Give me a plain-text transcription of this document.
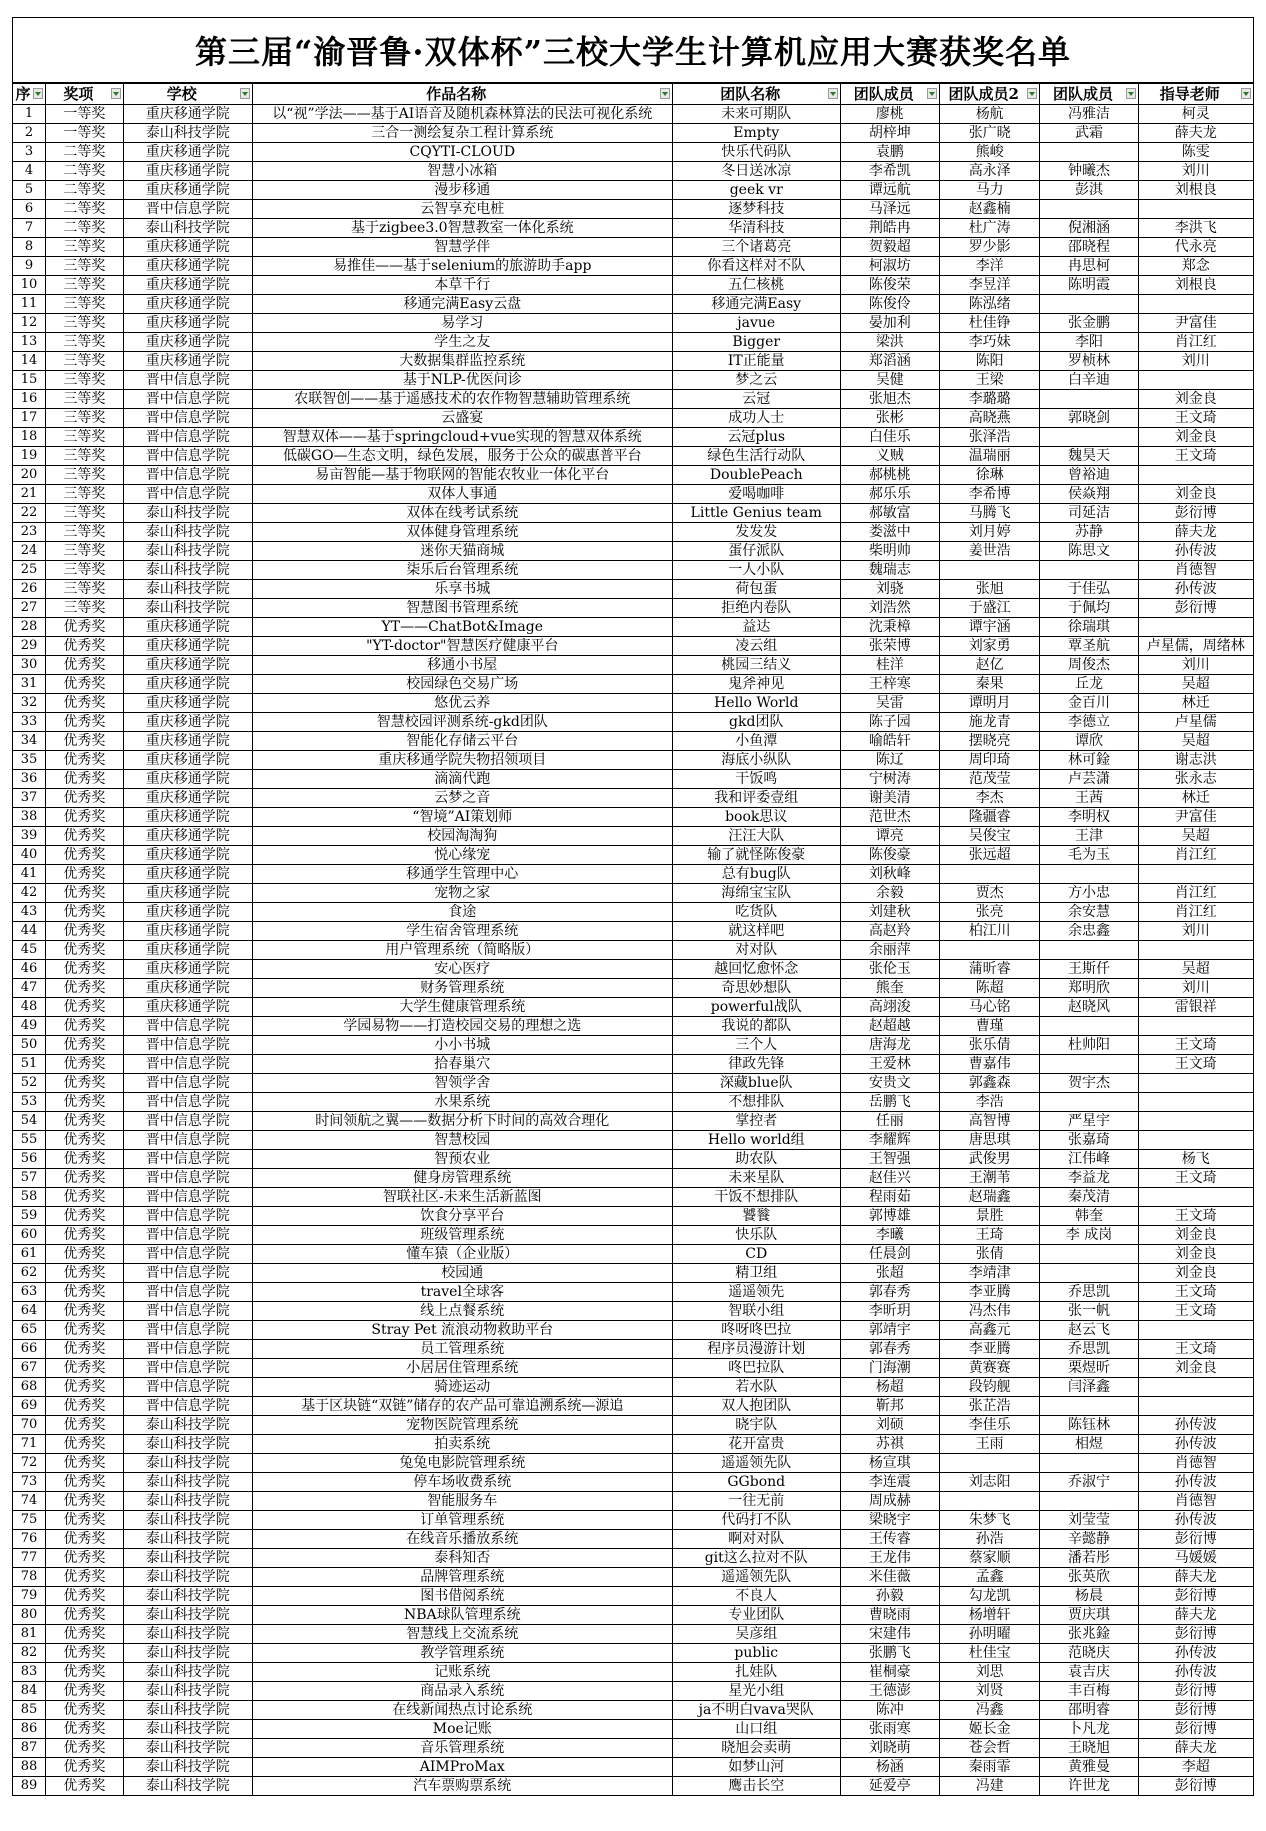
第三届“渝晋鲁·双体杯”三校大学生计算机应用大赛获奖名单
序	奖项	学校	作品名称	团队名称	团队成员	团队成员2	团队成员	指导老师

1	一等奖	重庆移通学院	以“视”学法——基于AI语音及随机森林算法的民法可视化系统	未来可期队	廖桃	杨航	冯雅洁	柯灵
2	一等奖	泰山科技学院	三合一测绘复杂工程计算系统	Empty	胡梓坤	张广晓	武霜	薛夫龙
3	二等奖	重庆移通学院	CQYTI-CLOUD	快乐代码队	袁鹏	熊峻		陈雯
4	二等奖	重庆移通学院	智慧小冰箱	冬日送冰凉	李希凯	高永泽	钟曦杰	刘川
5	二等奖	重庆移通学院	漫步移通	geek vr	谭远航	马力	彭淇	刘根良
6	二等奖	晋中信息学院	云智享充电桩	逐梦科技	马泽远	赵鑫楠		
7	二等奖	泰山科技学院	基于zigbee3.0智慧教室一体化系统	华清科技	荆皓冉	杜广涛	倪湘涵	李洪飞
8	三等奖	重庆移通学院	智慧学伴	三个诸葛亮	贺毅超	罗少影	邵晓程	代永亮
9	三等奖	重庆移通学院	易推佳——基于selenium的旅游助手app	你看这样对不队	柯淑坊	李洋	冉思柯	郑念
10	三等奖	重庆移通学院	本草千行	五仁核桃	陈俊荣	李昱洋	陈明霞	刘根良
11	三等奖	重庆移通学院	移通完满Easy云盘	移通完满Easy	陈俊伶	陈泓绪		
12	三等奖	重庆移通学院	易学习	javue	晏加利	杜佳铮	张金鹏	尹富佳
13	三等奖	重庆移通学院	学生之友	Bigger	梁洪	李巧妹	李阳	肖江红
14	三等奖	重庆移通学院	大数据集群监控系统	IT正能量	郑滔涵	陈阳	罗桢林	刘川
15	三等奖	晋中信息学院	基于NLP-优医问诊	梦之云	吴健	王梁	白辛迪	
16	三等奖	晋中信息学院	农联智创——基于遥感技术的农作物智慧辅助管理系统	云冠	张旭杰	李璐璐		刘金良
17	三等奖	晋中信息学院	云盛宴	成功人士	张彬	高晓燕	郭晓剑	王文琦
18	三等奖	晋中信息学院	智慧双体——基于springcloud+vue实现的智慧双体系统	云冠plus	白佳乐	张泽浩		刘金良
19	三等奖	晋中信息学院	低碳GO—生态文明，绿色发展，服务于公众的碳惠普平台	绿色生活行动队	义贼	温瑞丽	魏昊天	王文琦
20	三等奖	晋中信息学院	易亩智能—基于物联网的智能农牧业一体化平台	DoublePeach	郝桃桃	徐琳	曾裕迪	
21	三等奖	晋中信息学院	双体人事通	爱喝咖啡	郝乐乐	李希博	侯焱翔	刘金良
22	三等奖	泰山科技学院	双体在线考试系统	Little Genius team	郝敏富	马腾飞	司延洁	彭衍博
23	三等奖	泰山科技学院	双体健身管理系统	发发发	娄滋中	刘月婷	苏静	薛夫龙
24	三等奖	泰山科技学院	迷你天猫商城	蛋仔派队	柴明帅	姜世浩	陈思文	孙传波
25	三等奖	泰山科技学院	柒乐后台管理系统	一人小队	魏瑞志			肖德智
26	三等奖	泰山科技学院	乐享书城	荷包蛋	刘骁	张旭	于佳弘	孙传波
27	三等奖	泰山科技学院	智慧图书管理系统	拒绝内卷队	刘浩然	于盛江	于佩均	彭衍博
28	优秀奖	重庆移通学院	YT——ChatBot&Image	益达	沈秉樟	谭宇涵	徐瑞琪	
29	优秀奖	重庆移通学院	"YT-doctor"智慧医疗健康平台	凌云组	张荣博	刘家勇	覃圣航	卢星儒，周绪林
30	优秀奖	重庆移通学院	移通小书屋	桃园三结义	桂洋	赵亿	周俊杰	刘川
31	优秀奖	重庆移通学院	校园绿色交易广场	鬼斧神见	王梓寒	秦果	丘龙	吴超
32	优秀奖	重庆移通学院	悠优云养	Hello World	吴雷	谭明月	金百川	林迁
33	优秀奖	重庆移通学院	智慧校园评测系统-gkd团队	gkd团队	陈子园	施龙青	李德立	卢星儒
34	优秀奖	重庆移通学院	智能化存储云平台	小鱼潭	喻皓轩	摆晓亮	谭欣	吴超
35	优秀奖	重庆移通学院	重庆移通学院失物招领项目	海底小纵队	陈辽	周印琦	林可鍂	谢志洪
36	优秀奖	重庆移通学院	滴滴代跑	干饭鸣	宁树涛	范茂莹	卢芸潇	张永志
37	优秀奖	重庆移通学院	云梦之音	我和评委壹组	谢美清	李杰	王茜	林迁
38	优秀奖	重庆移通学院	“智境”AI策划师	book思议	范世杰	隆疆睿	李明权	尹富佳
39	优秀奖	重庆移通学院	校园淘淘狗	汪汪大队	谭亮	吴俊宝	王津	吴超
40	优秀奖	重庆移通学院	悦心缘宠	输了就怪陈俊豪	陈俊豪	张远超	毛为玉	肖江红
41	优秀奖	重庆移通学院	移通学生管理中心	总有bug队	刘秋峰			
42	优秀奖	重庆移通学院	宠物之家	海绵宝宝队	余毅	贾杰	方小忠	肖江红
43	优秀奖	重庆移通学院	食途	吃货队	刘建秋	张亮	余安慧	肖江红
44	优秀奖	重庆移通学院	学生宿舍管理系统	就这样吧	高赵羚	柏江川	余忠鑫	刘川
45	优秀奖	重庆移通学院	用户管理系统（简略版）	对对队	余丽萍			
46	优秀奖	重庆移通学院	安心医疗	越回忆愈怀念	张伦玉	蒲昕睿	王斯仟	吴超
47	优秀奖	重庆移通学院	财务管理系统	奇思妙想队	熊奎	陈超	郑明欣	刘川
48	优秀奖	重庆移通学院	大学生健康管理系统	powerful战队	高翊浚	马心铭	赵晓风	雷银祥
49	优秀奖	晋中信息学院	学园易物——打造校园交易的理想之选	我说的都队	赵超越	曹瑾		
50	优秀奖	晋中信息学院	小小书城	三个人	唐海龙	张乐倩	杜帅阳	王文琦
51	优秀奖	晋中信息学院	拾春巢穴	律政先锋	王爱林	曹嘉伟		王文琦
52	优秀奖	晋中信息学院	智领学舍	深藏blue队	安贵文	郭鑫森	贺宇杰	
53	优秀奖	晋中信息学院	水果系统	不想排队	岳鹏飞	李浩		
54	优秀奖	晋中信息学院	时间领航之翼——数据分析下时间的高效合理化	掌控者	任丽	高智博	严星宇	
55	优秀奖	晋中信息学院	智慧校园	Hello world组	李耀辉	唐思琪	张嘉琦	
56	优秀奖	晋中信息学院	智预农业	助农队	王智强	武俊男	江伟峰	杨飞
57	优秀奖	晋中信息学院	健身房管理系统	未来星队	赵佳兴	王潮苇	李益龙	王文琦
58	优秀奖	晋中信息学院	智联社区-未来生活新蓝图	干饭不想排队	程雨茹	赵瑞鑫	秦茂清	
59	优秀奖	晋中信息学院	饮食分享平台	饕餮	郭博雄	景胜	韩奎	王文琦
60	优秀奖	晋中信息学院	班级管理系统	快乐队	李曦	王琦	李 成岗	刘金良
61	优秀奖	晋中信息学院	懂车猿（企业版）	CD	任晨剑	张倩		刘金良
62	优秀奖	晋中信息学院	校园通	精卫组	张超	李靖津		刘金良
63	优秀奖	晋中信息学院	travel全球客	遥遥领先	郭春秀	李亚腾	乔思凯	王文琦
64	优秀奖	晋中信息学院	线上点餐系统	智联小组	李昕玥	冯杰伟	张一帆	王文琦
65	优秀奖	晋中信息学院	Stray Pet 流浪动物救助平台	咚呀咚巴拉	郭靖宇	高鑫元	赵云飞	
66	优秀奖	晋中信息学院	员工管理系统	程序员漫游计划	郭春秀	李亚腾	乔思凯	王文琦
67	优秀奖	晋中信息学院	小居居住管理系统	咚巴拉队	门海潮	黄赛赛	栗煜昕	刘金良
68	优秀奖	晋中信息学院	骑迹运动	若水队	杨超	段钧舰	闫泽鑫	
69	优秀奖	晋中信息学院	基于区块链“双链”储存的农产品可靠追溯系统—源追	双人抱团队	靳邦	张芷浩		
70	优秀奖	泰山科技学院	宠物医院管理系统	晓宇队	刘硕	李佳乐	陈钰林	孙传波
71	优秀奖	泰山科技学院	拍卖系统	花开富贵	苏祺	王雨	相煜	孙传波
72	优秀奖	泰山科技学院	兔兔电影院管理系统	遥遥领先队	杨宣琪			肖德智
73	优秀奖	泰山科技学院	停车场收费系统	GGbond	李连震	刘志阳	乔淑宁	孙传波
74	优秀奖	泰山科技学院	智能服务车	一往无前	周成赫			肖德智
75	优秀奖	泰山科技学院	订单管理系统	代码打不队	梁晓宇	朱梦飞	刘莹莹	孙传波
76	优秀奖	泰山科技学院	在线音乐播放系统	啊对对队	王传睿	孙浩	辛懿静	彭衍博
77	优秀奖	泰山科技学院	泰科知否	git这么拉对不队	王龙伟	蔡家顺	潘若彤	马媛媛
78	优秀奖	泰山科技学院	品牌管理系统	遥遥领先队	米佳薇	孟鑫	张英欣	薛夫龙
79	优秀奖	泰山科技学院	图书借阅系统	不良人	孙毅	勾龙凯	杨晨	彭衍博
80	优秀奖	泰山科技学院	NBA球队管理系统	专业团队	曹晓雨	杨增轩	贾庆琪	薛夫龙
81	优秀奖	泰山科技学院	智慧线上交流系统	吴彦组	宋建伟	孙明曜	张兆鍂	彭衍博
82	优秀奖	泰山科技学院	教学管理系统	public	张鹏飞	杜佳宝	范晓庆	孙传波
83	优秀奖	泰山科技学院	记账系统	扎娃队	崔桐豪	刘思	袁吉庆	孙传波
84	优秀奖	泰山科技学院	商品录入系统	星光小组	王德澎	刘贤	丰百梅	彭衍博
85	优秀奖	泰山科技学院	在线新闻热点讨论系统	ja不明白vava哭队	陈冲	冯鑫	邵明睿	彭衍博
86	优秀奖	泰山科技学院	Moe记账	山口组	张雨寒	姬长金	卜凡龙	彭衍博
87	优秀奖	泰山科技学院	音乐管理系统	晓旭会卖萌	刘晓萌	苍会哲	王晓旭	薛夫龙
88	优秀奖	泰山科技学院	AIMProMax	如梦山河	杨涵	秦雨霏	黄雅曼	李超
89	优秀奖	泰山科技学院	汽车票购票系统	鹰击长空	延爱亭	冯建	许世龙	彭衍博
